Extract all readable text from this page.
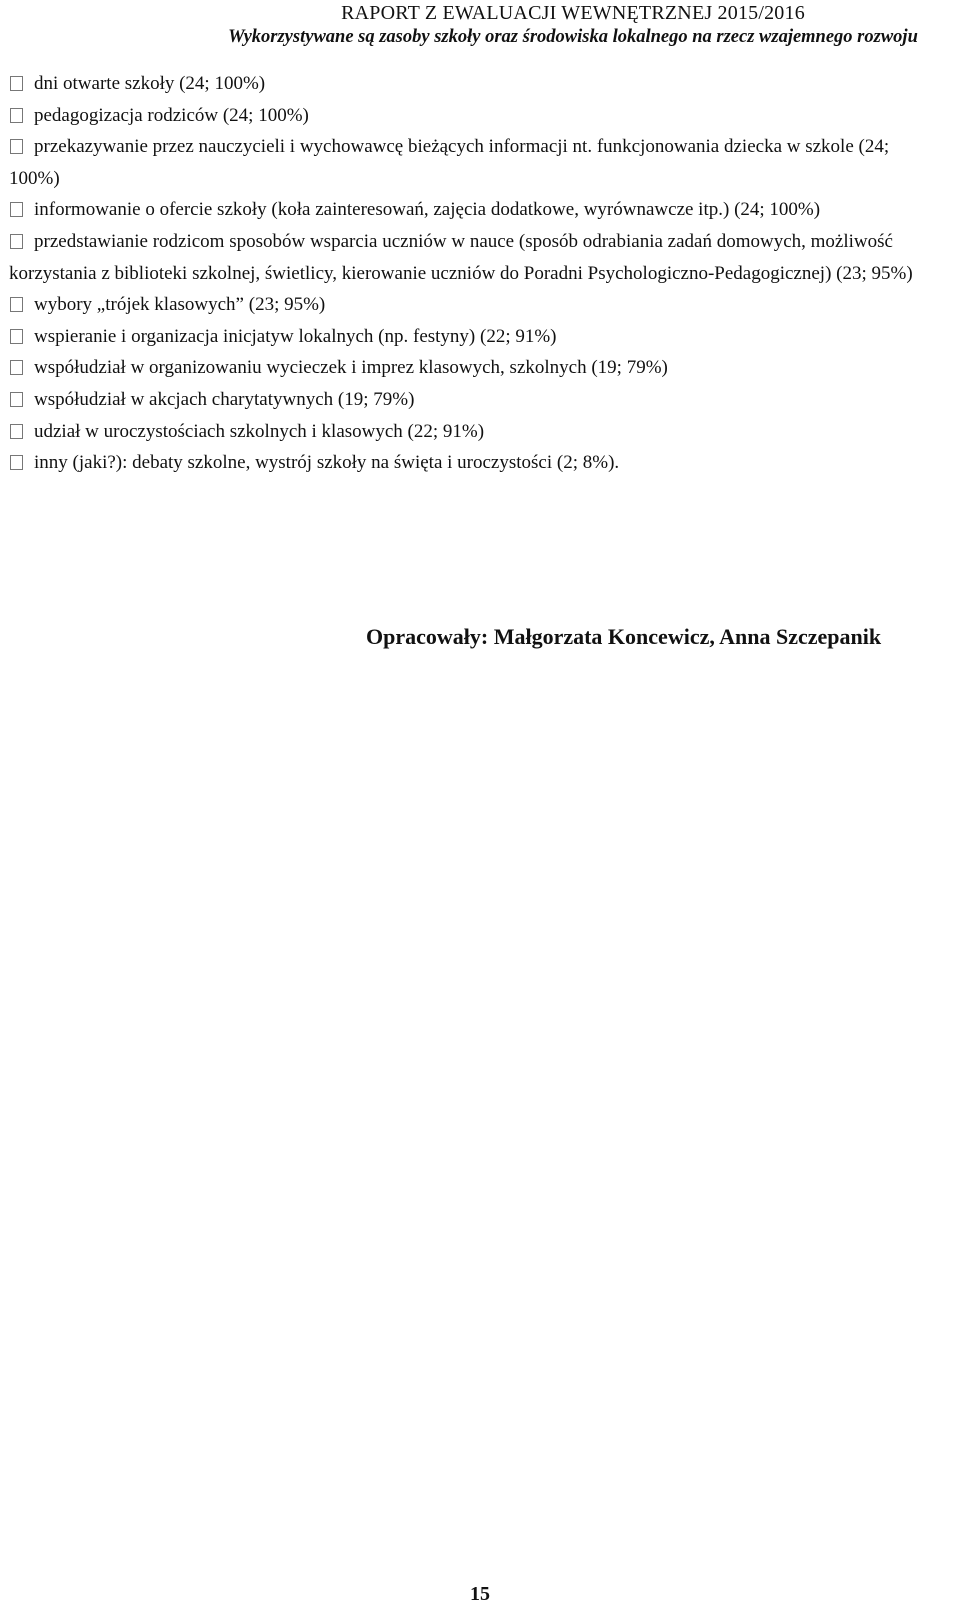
RAPORT Z EWALUACJI WEWNĘTRZNEJ 2015/2016
Wykorzystywane są zasoby szkoły oraz środowiska lokalnego na rzecz wzajemnego rozwoju
dni otwarte szkoły (24; 100%)
pedagogizacja rodziców (24; 100%)
przekazywanie przez nauczycieli i wychowawcę bieżących informacji nt. funkcjonowania dziecka w szkole (24; 100%)
informowanie o ofercie szkoły (koła zainteresowań, zajęcia dodatkowe, wyrównawcze itp.) (24; 100%)
przedstawianie rodzicom sposobów wsparcia uczniów w nauce (sposób odrabiania zadań domowych, możliwość korzystania z biblioteki szkolnej, świetlicy, kierowanie uczniów do Poradni Psychologiczno-Pedagogicznej) (23; 95%)
wybory „trójek klasowych” (23; 95%)
wspieranie i organizacja inicjatyw lokalnych (np. festyny) (22; 91%)
współudział w organizowaniu wycieczek i imprez klasowych, szkolnych (19; 79%)
współudział w akcjach charytatywnych (19; 79%)
udział w uroczystościach szkolnych i klasowych (22; 91%)
inny (jaki?): debaty szkolne, wystrój szkoły na święta i uroczystości (2; 8%).
Opracowały: Małgorzata Koncewicz, Anna Szczepanik
15
